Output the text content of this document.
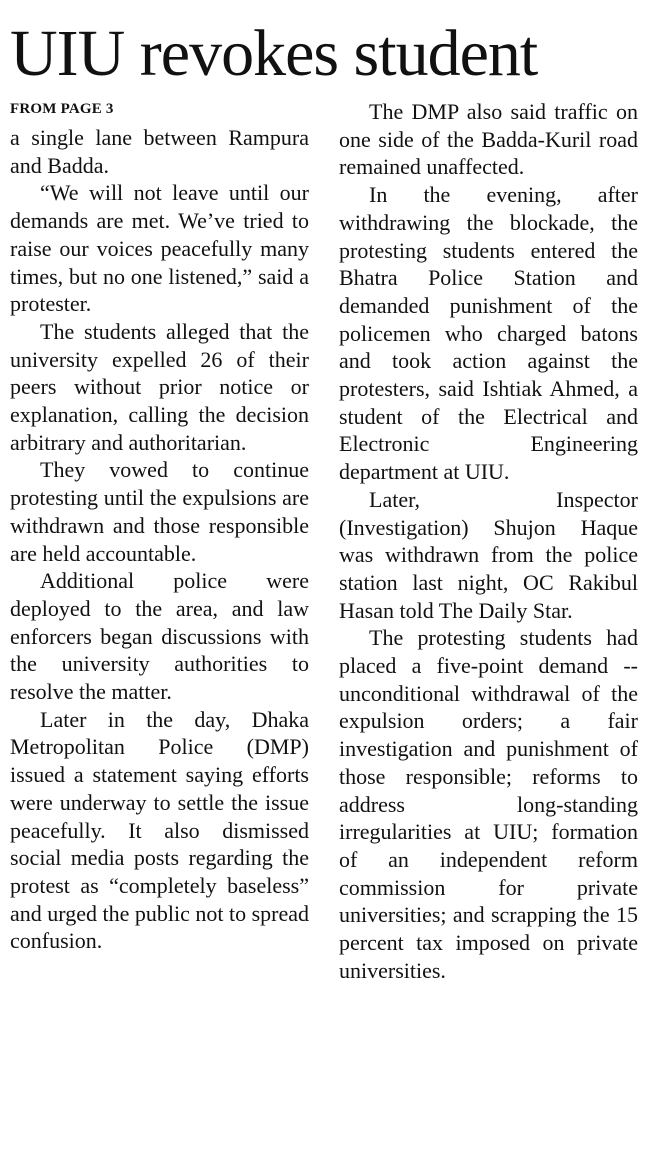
UIU revokes student

FROM PAGE 3

a single lane between Rampura and Badda.

“We will not leave until our demands are met. We’ve tried to raise our voices peacefully many times, but no one listened,” said a protester.

The students alleged that the university expelled 26 of their peers without prior notice or explanation, calling the decision arbitrary and authoritarian.

They vowed to continue protesting until the expulsions are withdrawn and those responsible are held accountable.

Additional police were deployed to the area, and law enforcers began discussions with the university authorities to resolve the matter.

Later in the day, Dhaka Metropolitan Police (DMP) issued a statement saying efforts were underway to settle the issue peacefully. It also dismissed social media posts regarding the protest as “completely baseless” and urged the public not to spread confusion.

The DMP also said traffic on one side of the Badda-Kuril road remained unaffected.

In the evening, after withdrawing the blockade, the protesting students entered the Bhatra Police Station and demanded punishment of the policemen who charged batons and took action against the protesters, said Ishtiak Ahmed, a student of the Electrical and Electronic Engineering department at UIU.

Later, Inspector (Investigation) Shujon Haque was withdrawn from the police station last night, OC Rakibul Hasan told The Daily Star.

The protesting students had placed a five-point demand -- unconditional withdrawal of the expulsion orders; a fair investigation and punishment of those responsible; reforms to address long-standing irregularities at UIU; formation of an independent reform commission for private universities; and scrapping the 15 percent tax imposed on private universities.
